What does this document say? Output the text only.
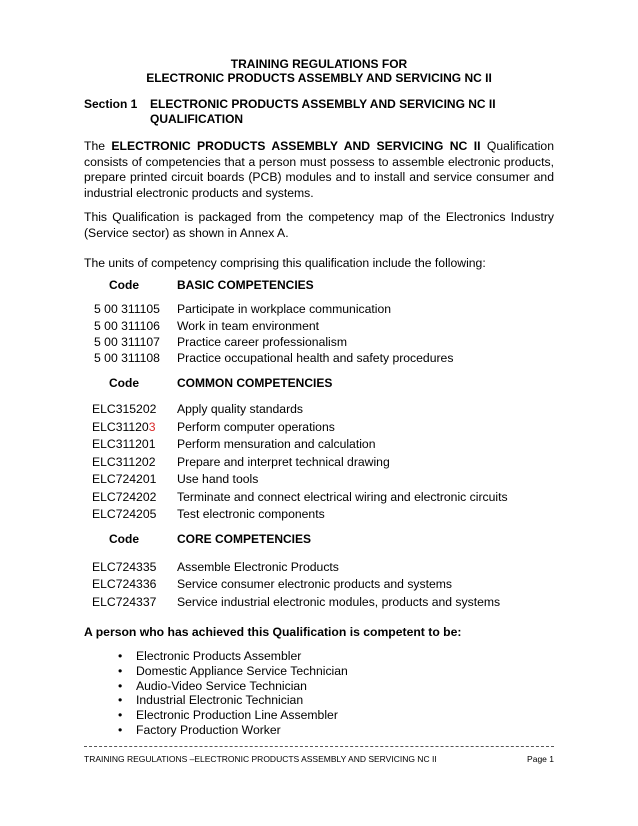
TRAINING REGULATIONS FOR
ELECTRONIC PRODUCTS ASSEMBLY AND SERVICING NC II
Section 1 ELECTRONIC PRODUCTS ASSEMBLY AND SERVICING NC II
QUALIFICATION
The ELECTRONIC PRODUCTS ASSEMBLY AND SERVICING NC II Qualification consists of competencies that a person must possess to assemble electronic products, prepare printed circuit boards (PCB) modules and to install and service consumer and industrial electronic products and systems.
This Qualification is packaged from the competency map of the Electronics Industry (Service sector) as shown in Annex A.
The units of competency comprising this qualification include the following:
Code	BASIC COMPETENCIES
5 00 311105 Participate in workplace communication
5 00 311106 Work in team environment
5 00 311107 Practice career professionalism
5 00 311108 Practice occupational health and safety procedures
Code	COMMON COMPETENCIES
ELC315202 Apply quality standards
ELC311203 Perform computer operations
ELC311201 Perform mensuration and calculation
ELC311202 Prepare and interpret technical drawing
ELC724201 Use hand tools
ELC724202 Terminate and connect electrical wiring and electronic circuits
ELC724205 Test electronic components
Code	CORE COMPETENCIES
ELC724335 Assemble Electronic Products
ELC724336 Service consumer electronic products and systems
ELC724337 Service industrial electronic modules, products and systems
A person who has achieved this Qualification is competent to be:
• Electronic Products Assembler
• Domestic Appliance Service Technician
• Audio-Video Service Technician
• Industrial Electronic Technician
• Electronic Production Line Assembler
• Factory Production Worker
TRAINING REGULATIONS –ELECTRONIC PRODUCTS ASSEMBLY AND SERVICING NC II	Page 1
